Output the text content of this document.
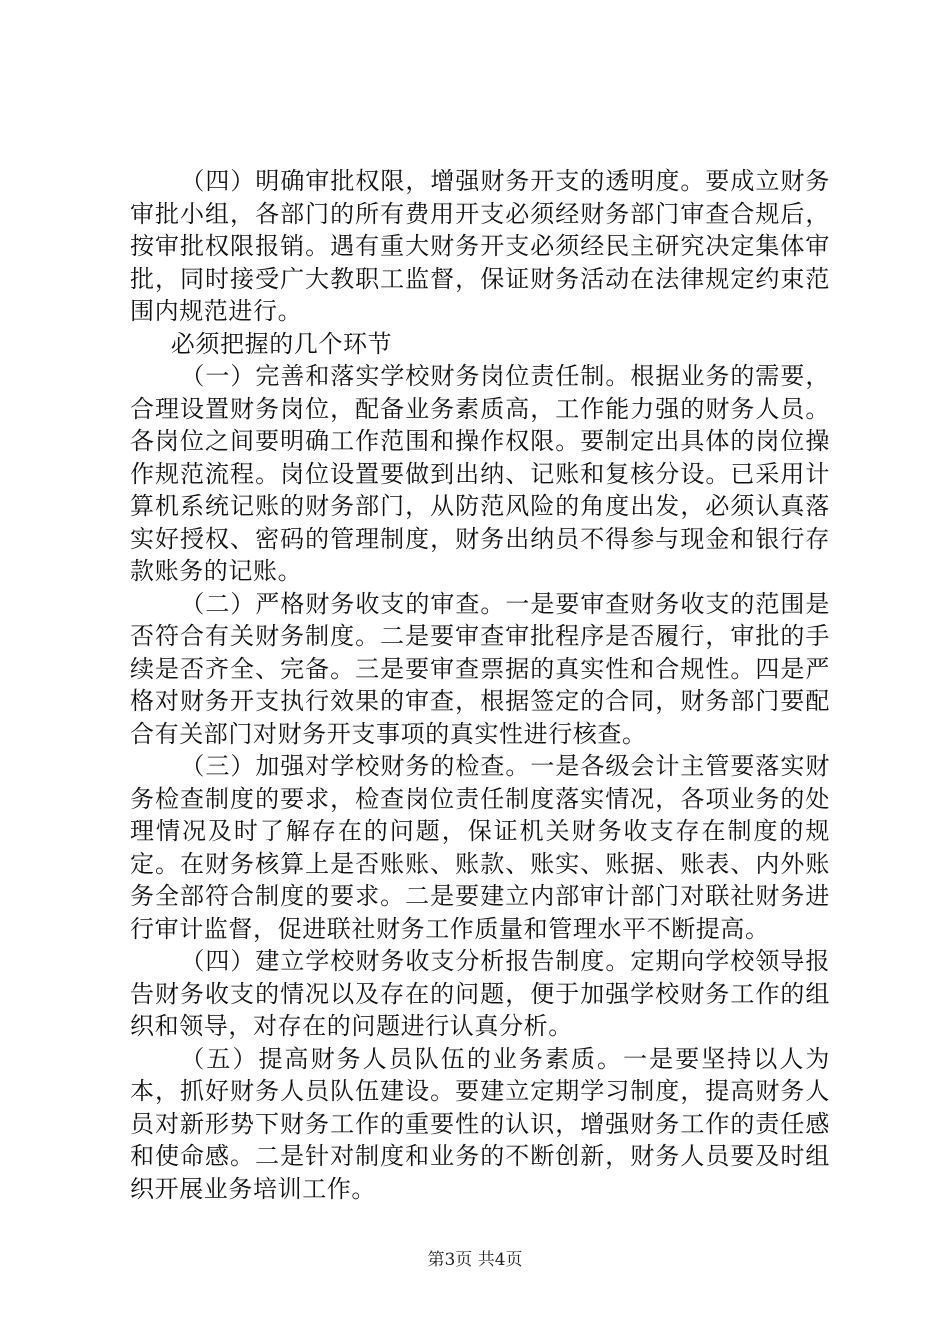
（四）明确审批权限，增强财务开支的透明度。要成立财务审批小组，各部门的所有费用开支必须经财务部门审查合规后，按审批权限报销。遇有重大财务开支必须经民主研究决定集体审批，同时接受广大教职工监督，保证财务活动在法律规定约束范围内规范进行。

必须把握的几个环节

（一）完善和落实学校财务岗位责任制。根据业务的需要，合理设置财务岗位，配备业务素质高，工作能力强的财务人员。各岗位之间要明确工作范围和操作权限。要制定出具体的岗位操作规范流程。岗位设置要做到出纳、记账和复核分设。已采用计算机系统记账的财务部门，从防范风险的角度出发，必须认真落实好授权、密码的管理制度，财务出纳员不得参与现金和银行存款账务的记账。

（二）严格财务收支的审查。一是要审查财务收支的范围是否符合有关财务制度。二是要审查审批程序是否履行，审批的手续是否齐全、完备。三是要审查票据的真实性和合规性。四是严格对财务开支执行效果的审查，根据签定的合同，财务部门要配合有关部门对财务开支事项的真实性进行核查。

（三）加强对学校财务的检查。一是各级会计主管要落实财务检查制度的要求，检查岗位责任制度落实情况，各项业务的处理情况及时了解存在的问题，保证机关财务收支存在制度的规定。在财务核算上是否账账、账款、账实、账据、账表、内外账务全部符合制度的要求。二是要建立内部审计部门对联社财务进行审计监督，促进联社财务工作质量和管理水平不断提高。

（四）建立学校财务收支分析报告制度。定期向学校领导报告财务收支的情况以及存在的问题，便于加强学校财务工作的组织和领导，对存在的问题进行认真分析。

（五）提高财务人员队伍的业务素质。一是要坚持以人为本，抓好财务人员队伍建设。要建立定期学习制度，提高财务人员对新形势下财务工作的重要性的认识，增强财务工作的责任感和使命感。二是针对制度和业务的不断创新，财务人员要及时组织开展业务培训工作。

第3页 共4页
